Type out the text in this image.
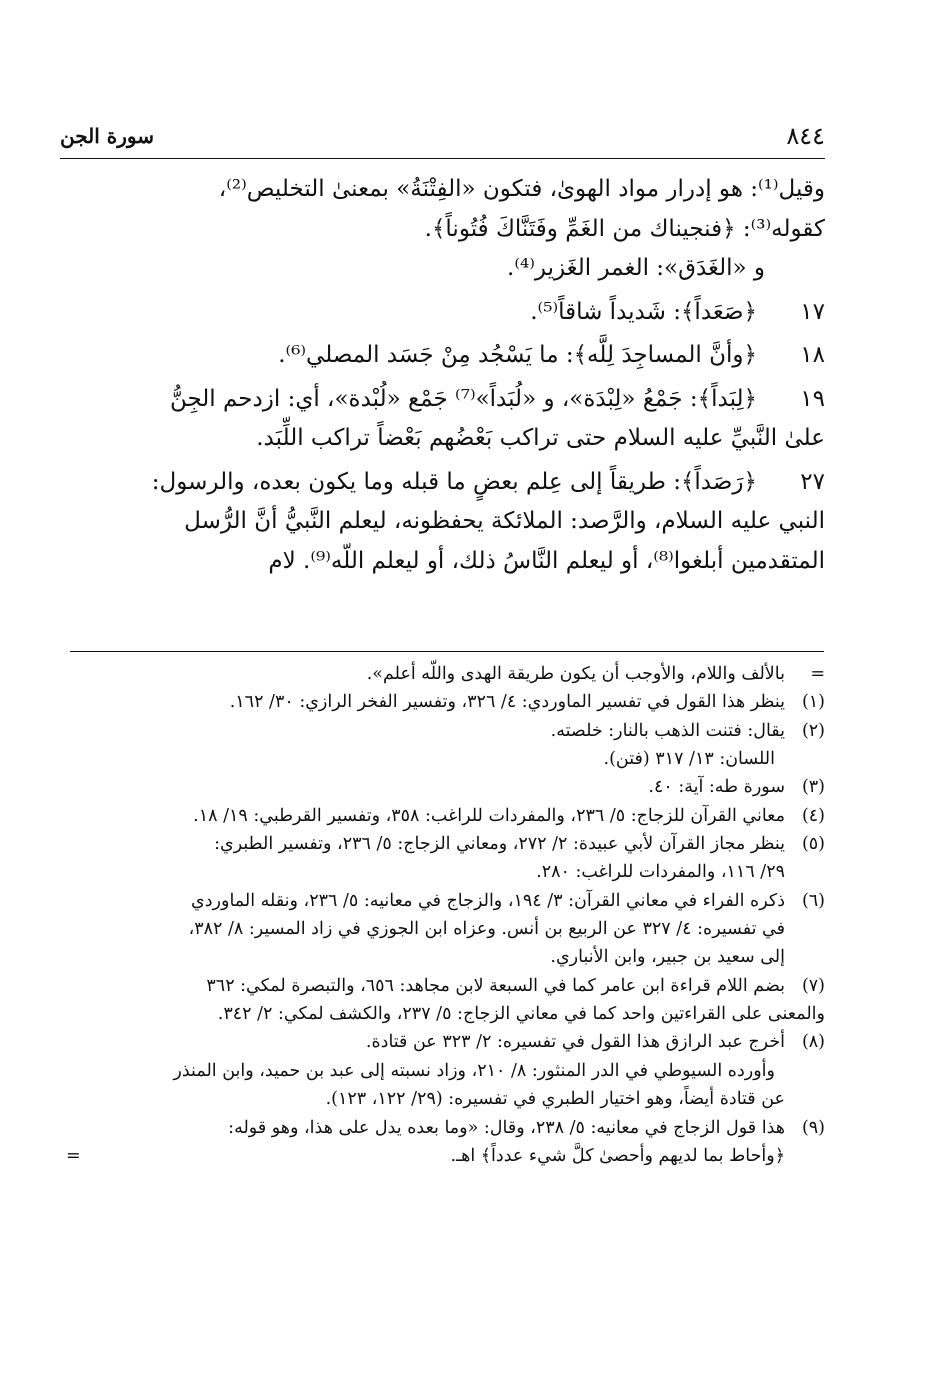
٨٤٤
سورة الجن

وقيل⁽¹⁾: هو إدرار مواد الهوىٰ، فتكون «الفِتْنَةُ» بمعنىٰ التخليص⁽²⁾،

كقوله⁽³⁾: ﴿فنجيناك من الغَمِّ وفَتَنَّاكَ فُتُوناً﴾.

و «الغَدَق»: الغمر الغَزير⁽⁴⁾.

١٧

﴿صَعَداً﴾: شَديداً شاقاً⁽⁵⁾.

١٨

﴿وأنَّ المساجِدَ لِلَّه﴾: ما يَسْجُد مِنْ جَسَد المصلي⁽⁶⁾.

١٩

﴿لِبَداً﴾: جَمْعُ «لِبْدَة»، و «لُبَداً»⁽⁷⁾ جَمْع «لُبْدة»، أي: ازدحم الجِنُّ

علىٰ النَّبيِّ عليه السلام حتى تراكب بَعْضُهم بَعْضاً تراكب اللِّبَد.

٢٧

﴿رَصَداً﴾: طريقاً إلى عِلم بعضٍ ما قبله وما يكون بعده، والرسول:

النبي عليه السلام، والرَّصد: الملائكة يحفظونه، ليعلم النَّبيُّ أنَّ الرُّسل

المتقدمين أبلغوا⁽⁸⁾، أو ليعلم النَّاسُ ذلك، أو ليعلم اللّه⁽⁹⁾. لام

=
بالألف واللام، والأوجب أن يكون طريقة الهدى واللّه أعلم».
(١)
ينظر هذا القول في تفسير الماوردي: ٤/ ٣٢٦، وتفسير الفخر الرازي: ٣٠/ ١٦٢.
(٢)
يقال: فتنت الذهب بالنار: خلصته.
اللسان: ١٣/ ٣١٧ (فتن).
(٣)
سورة طه: آية: ٤٠.
(٤)
معاني القرآن للزجاج: ٥/ ٢٣٦، والمفردات للراغب: ٣٥٨، وتفسير القرطبي: ١٩/ ١٨.
(٥)
ينظر مجاز القرآن لأبي عبيدة: ٢/ ٢٧٢، ومعاني الزجاج: ٥/ ٢٣٦، وتفسير الطبري:
٢٩/ ١١٦، والمفردات للراغب: ٢٨٠.
(٦)
ذكره الفراء في معاني القرآن: ٣/ ١٩٤، والزجاج في معانيه: ٥/ ٢٣٦، ونقله الماوردي
في تفسيره: ٤/ ٣٢٧ عن الربيع بن أنس. وعزاه ابن الجوزي في زاد المسير: ٨/ ٣٨٢،
إلى سعيد بن جبير، وابن الأنباري.
(٧)
بضم اللام قراءة ابن عامر كما في السبعة لابن مجاهد: ٦٥٦، والتبصرة لمكي: ٣٦٢
والمعنى على القراءتين واحد كما في معاني الزجاج: ٥/ ٢٣٧، والكشف لمكي: ٢/ ٣٤٢.
(٨)
أخرج عبد الرازق هذا القول في تفسيره: ٢/ ٣٢٣ عن قتادة.
وأورده السيوطي في الدر المنثور: ٨/ ٢١٠، وزاد نسبته إلى عبد بن حميد، وابن المنذر
عن قتادة أيضاً، وهو اختيار الطبري في تفسيره: (٢٩/ ١٢٢، ١٢٣).
(٩)
هذا قول الزجاج في معانيه: ٥/ ٢٣٨، وقال: «وما بعده يدل على هذا، وهو قوله:
﴿وأحاط بما لديهم وأحصىٰ كلَّ شيء عدداً﴾ اهـ.
=
